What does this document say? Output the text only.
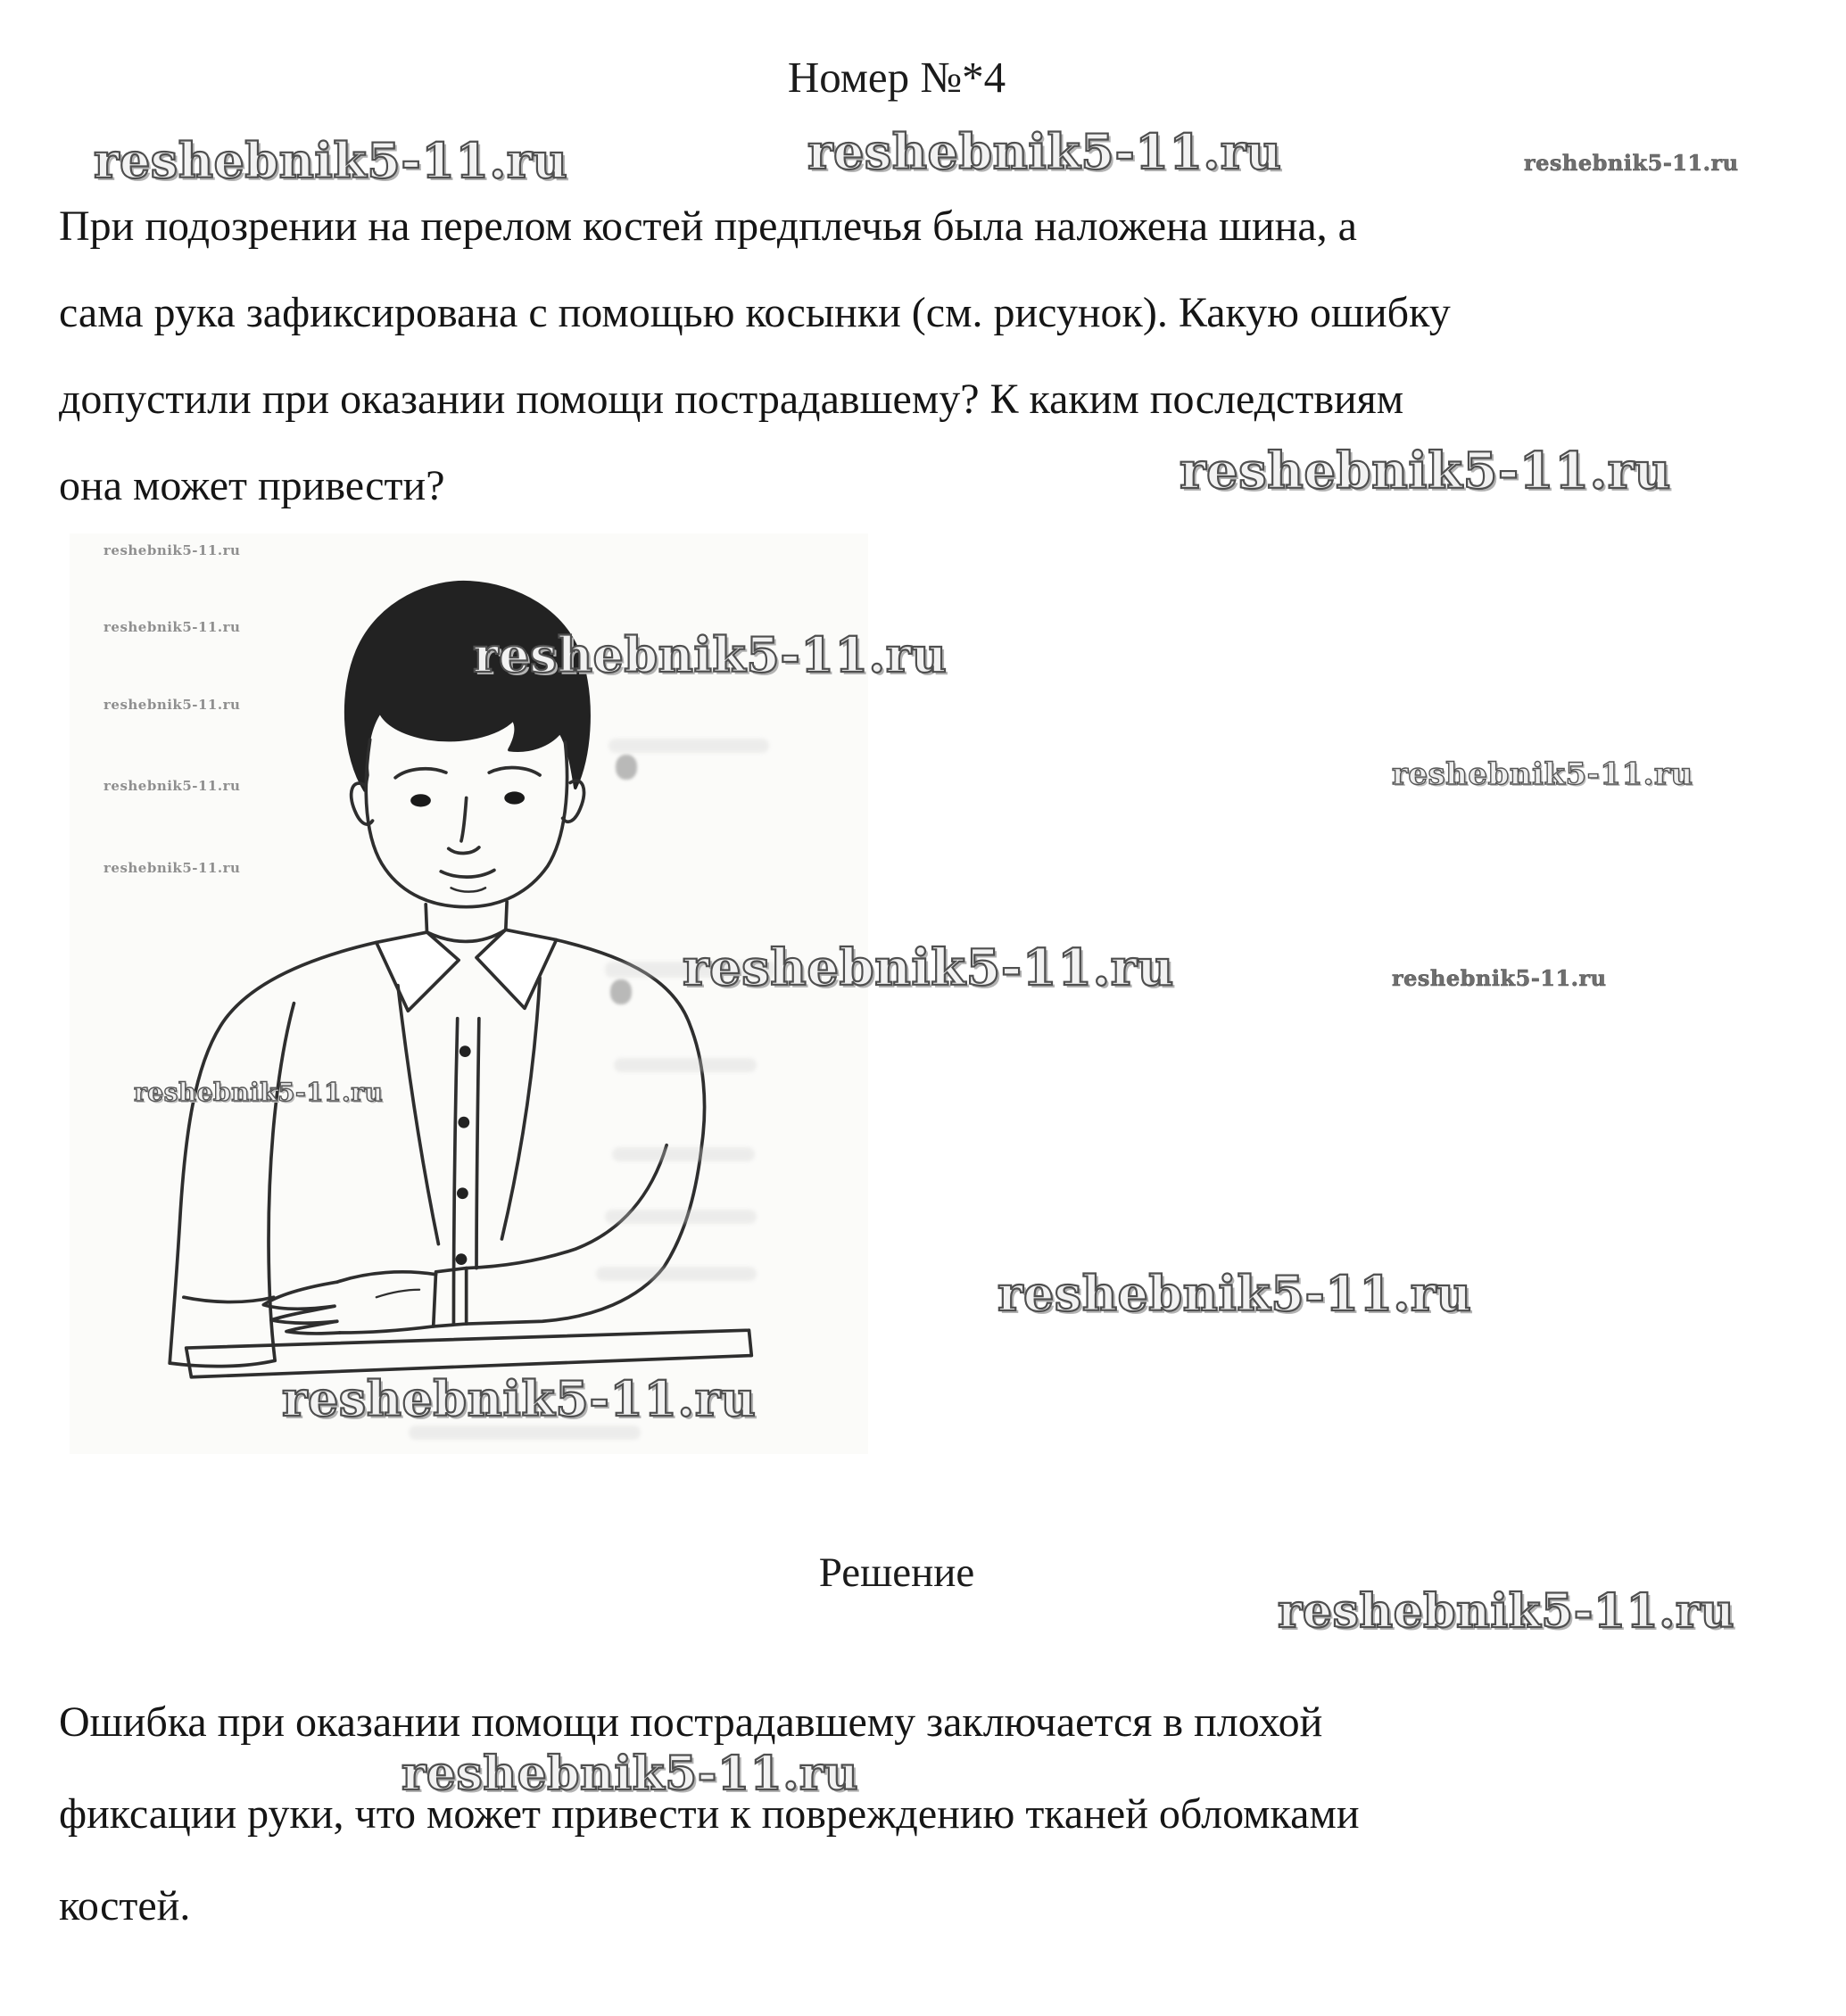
Номер №*4
reshebnik5-11.ru	reshebnik5-11.ru	reshebnik5-11.ru
При подозрении на перелом костей предплечья была наложена шина, а
сама рука зафиксирована с помощью косынки (см. рисунок). Какую ошибку
допустили при оказании помощи пострадавшему? К каким последствиям
она может привести?	reshebnik5-11.ru
reshebnik5-11.ru
reshebnik5-11.ru
reshebnik5-11.ru
reshebnik5-11.ru
reshebnik5-11.ru
reshebnik5-11.ru
reshebnik5-11.ru
reshebnik5-11.ru
reshebnik5-11.ru	reshebnik5-11.ru
reshebnik5-11.ru
reshebnik5-11.ru
Решение
reshebnik5-11.ru
Ошибка при оказании помощи пострадавшему заключается в плохой
reshebnik5-11.ru
фиксации руки, что может привести к повреждению тканей обломками
костей.
